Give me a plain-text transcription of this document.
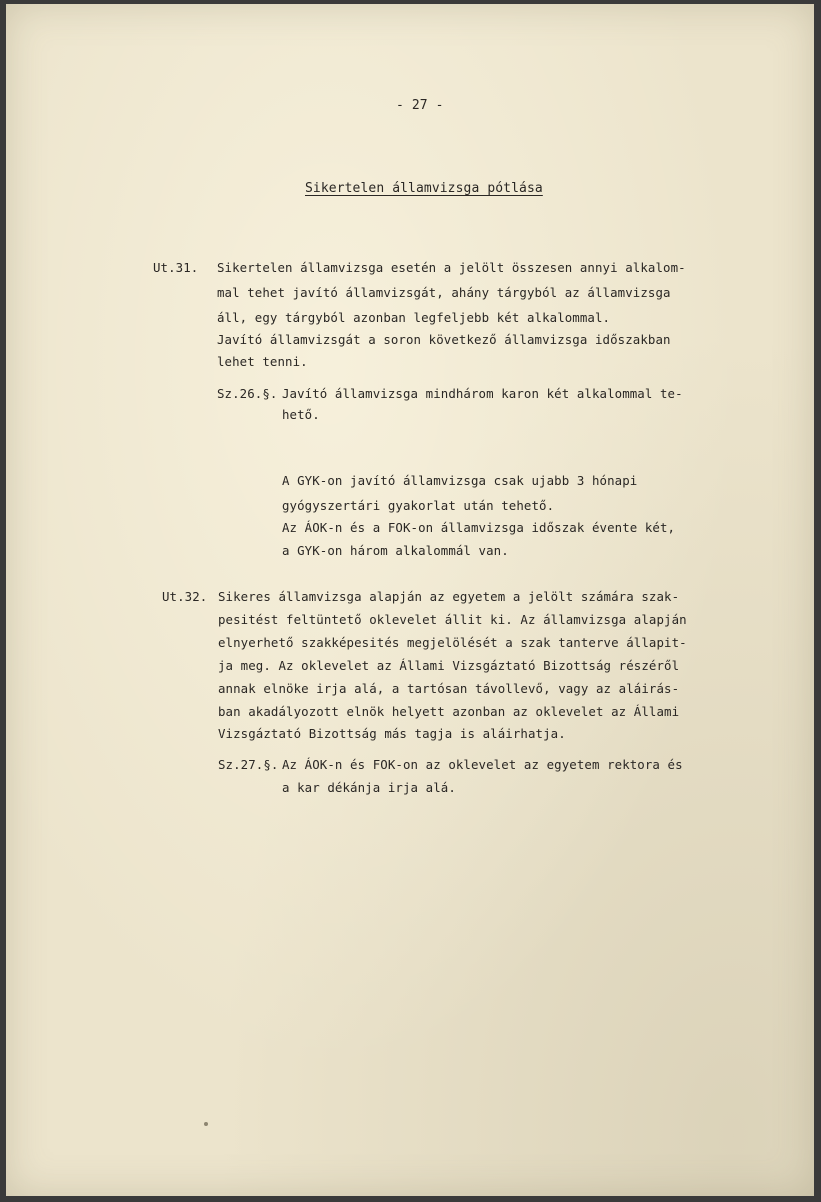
- 27 -
Sikertelen államvizsga pótlása
Ut.31. Sikertelen államvizsga esetén a jelölt összesen annyi alkalom-
mal tehet javító államvizsgát, ahány tárgyból az államvizsga
áll, egy tárgyból azonban legfeljebb két alkalommal.
Javító államvizsgát a soron következő államvizsga időszakban
lehet tenni.
Sz.26.§. Javító államvizsga mindhárom karon két alkalommal te-
hető.
A GYK-on javító államvizsga csak ujabb 3 hónapi
gyógyszertári gyakorlat után tehető.
Az ÁOK-n és a FOK-on államvizsga időszak évente két,
a GYK-on három alkalommál van.
Ut.32. Sikeres államvizsga alapján az egyetem a jelölt számára szak-
pesitést feltüntető oklevelet állit ki. Az államvizsga alapján
elnyerhető szakképesités megjelölését a szak tanterve állapit-
ja meg. Az oklevelet az Állami Vizsgáztató Bizottság részéről
annak elnöke irja alá, a tartósan távollevő, vagy az aláirás-
ban akadályozott elnök helyett azonban az oklevelet az Állami
Vizsgáztató Bizottság más tagja is aláirhatja.
Sz.27.§. Az ÁOK-n és FOK-on az oklevelet az egyetem rektora és
a kar dékánja irja alá.
